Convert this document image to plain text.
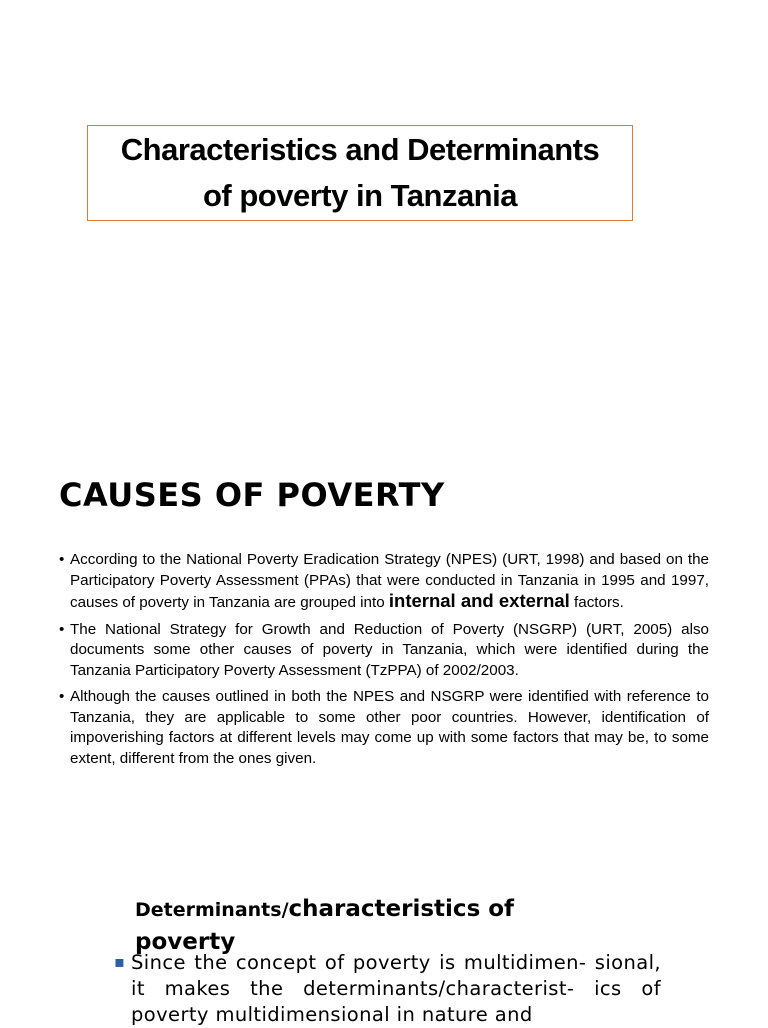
Characteristics and Determinants
of poverty in Tanzania
CAUSES OF POVERTY
• According to the National Poverty Eradication Strategy (NPES) (URT, 1998) and based on the Participatory Poverty Assessment (PPAs) that were conducted in Tanzania in 1995 and 1997, causes of poverty in Tanzania are grouped into internal and external factors.
• The National Strategy for Growth and Reduction of Poverty (NSGRP) (URT, 2005) also documents some other causes of poverty in Tanzania, which were identified during the Tanzania Participatory Poverty Assessment (TzPPA) of 2002/2003.
• Although the causes outlined in both the NPES and NSGRP were identified with reference to Tanzania, they are applicable to some other poor countries. However, identification of impoverishing factors at different levels may come up with some factors that may be, to some extent, different from the ones given.
Determinants/characteristics of poverty
▪ Since the concept of poverty is multidimen- sional, it makes the determinants/characterist- ics of poverty multidimensional in nature and
